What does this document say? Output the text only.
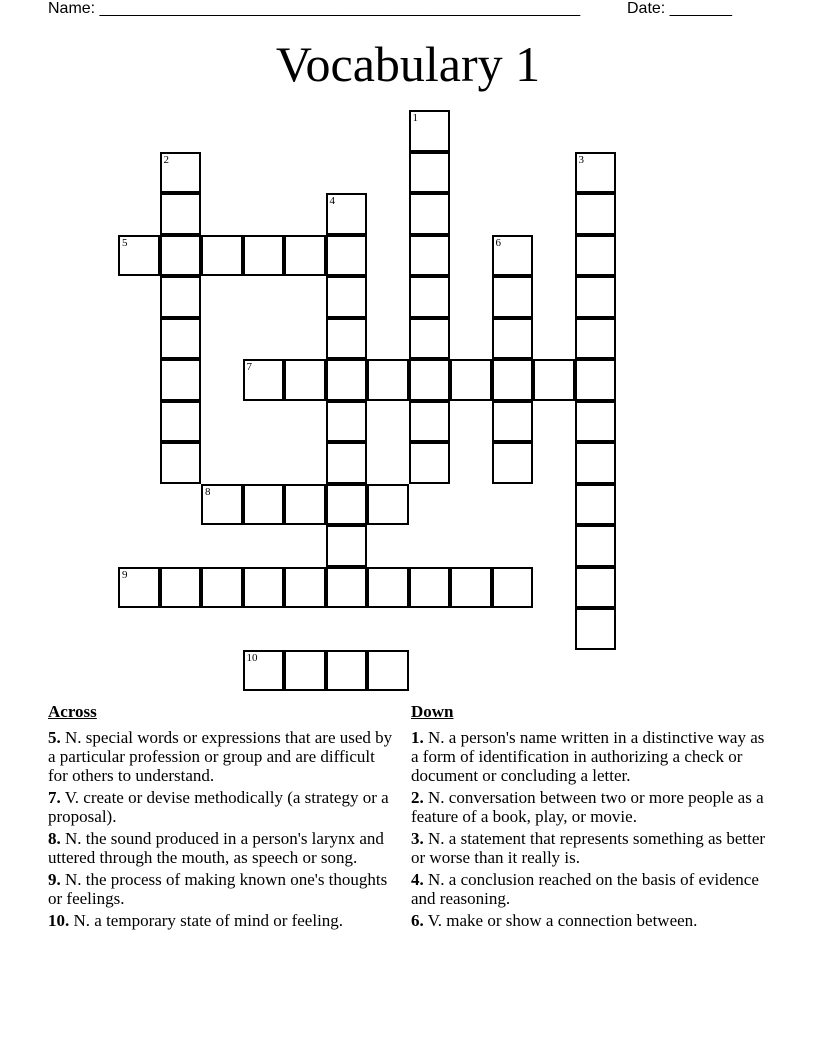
Name: ______________________________________________________	Date: _______
Vocabulary 1
1
2	3
4
5	6
7
8
9
10
Across
5. N. special words or expressions that are used by a particular profession or group and are difficult for others to understand.
7. V. create or devise methodically (a strategy or a proposal).
8. N. the sound produced in a person's larynx and uttered through the mouth, as speech or song.
9. N. the process of making known one's thoughts or feelings.
10. N. a temporary state of mind or feeling.
Down
1. N. a person's name written in a distinctive way as a form of identification in authorizing a check or document or concluding a letter.
2. N. conversation between two or more people as a feature of a book, play, or movie.
3. N. a statement that represents something as better or worse than it really is.
4. N. a conclusion reached on the basis of evidence and reasoning.
6. V. make or show a connection between.
